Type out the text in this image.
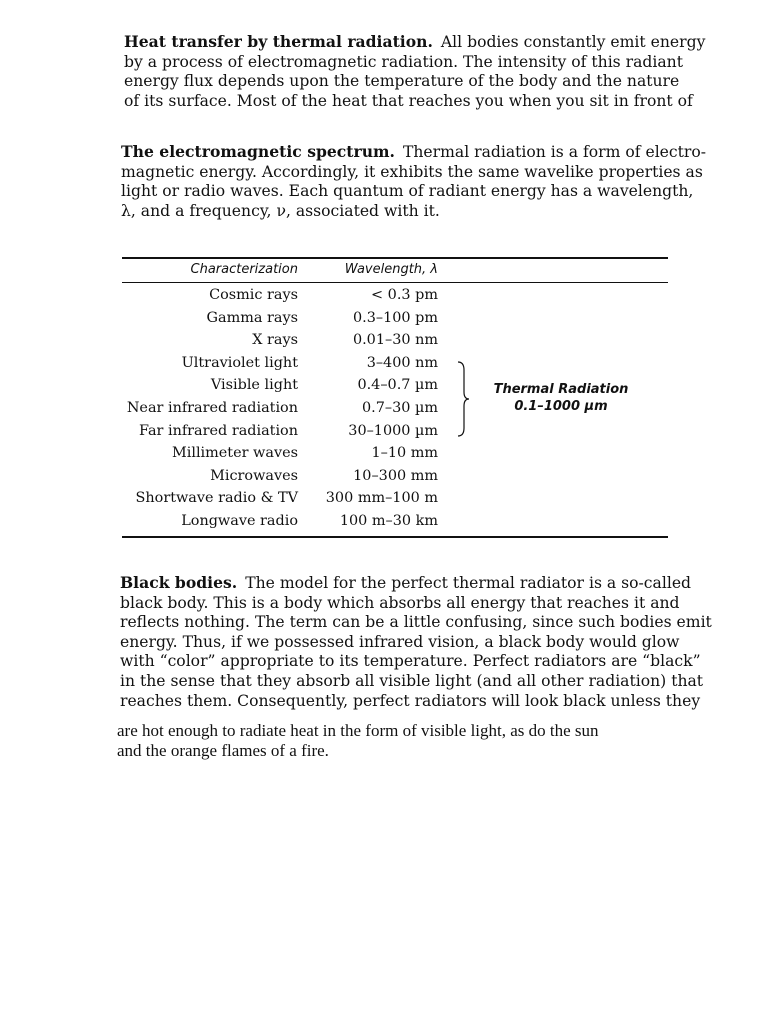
Heat transfer by thermal radiation. All bodies constantly emit energy
by a process of electromagnetic radiation. The intensity of this radiant
energy flux depends upon the temperature of the body and the nature
of its surface. Most of the heat that reaches you when you sit in front of
The electromagnetic spectrum. Thermal radiation is a form of electro-
magnetic energy. Accordingly, it exhibits the same wavelike properties as
light or radio waves. Each quantum of radiant energy has a wavelength,
λ, and a frequency, ν, associated with it.
Characterization	Wavelength, λ
Cosmic rays	< 0.3 pm
Gamma rays	0.3–100 pm
X rays	0.01–30 nm
Ultraviolet light	3–400 nm
Visible light	0.4–0.7 µm
Near infrared radiation	0.7–30 µm
Far infrared radiation	30–1000 µm
Millimeter waves	1–10 mm
Microwaves	10–300 mm
Shortwave radio & TV	300 mm–100 m
Longwave radio	100 m–30 km
Thermal Radiation
0.1–1000 µm
Black bodies. The model for the perfect thermal radiator is a so-called
black body. This is a body which absorbs all energy that reaches it and
reflects nothing. The term can be a little confusing, since such bodies emit
energy. Thus, if we possessed infrared vision, a black body would glow
with “color” appropriate to its temperature. Perfect radiators are “black”
in the sense that they absorb all visible light (and all other radiation) that
reaches them. Consequently, perfect radiators will look black unless they
are hot enough to radiate heat in the form of visible light, as do the sun
and the orange flames of a fire.
